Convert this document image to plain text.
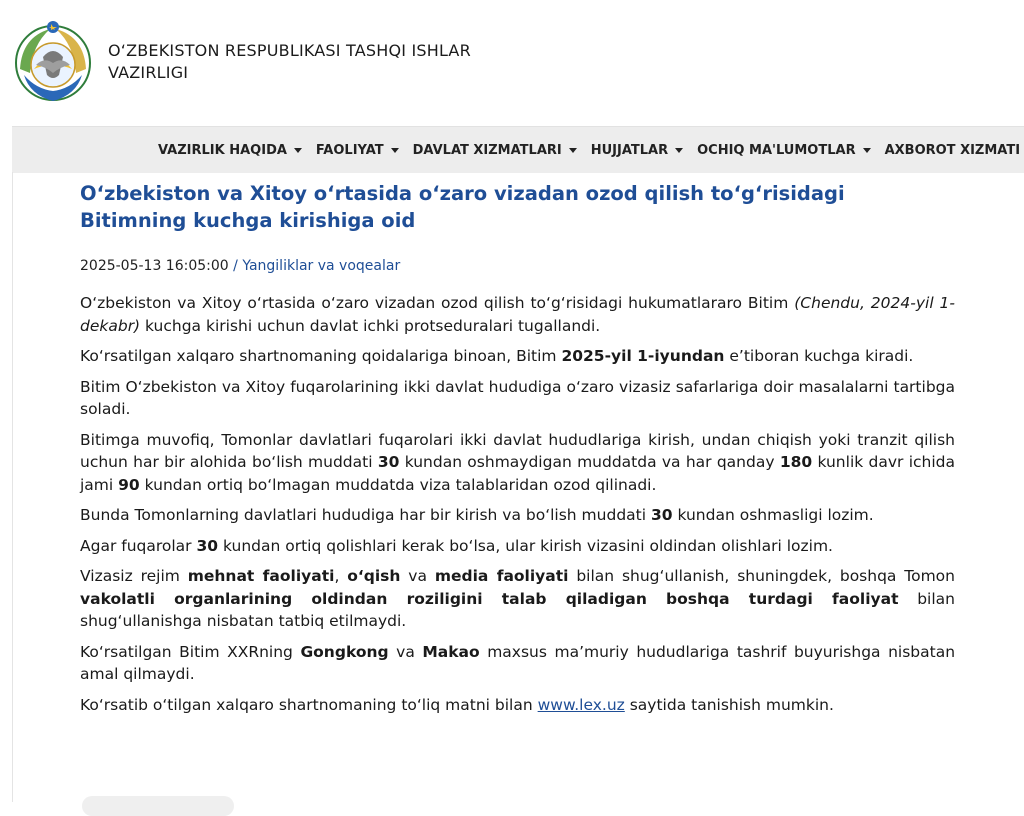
O‘ZBEKISTON RESPUBLIKASI TASHQI ISHLAR
VAZIRLIGI
VAZIRLIK HAQIDA FAOLIYAT DAVLAT XIZMATLARI HUJJATLAR OCHIQ MA'LUMOTLAR AXBOROT XIZMATI
O‘zbekiston va Xitoy o‘rtasida o‘zaro vizadan ozod qilish to‘g‘risidagi Bitimning kuchga kirishiga oid
2025-05-13 16:05:00 / Yangiliklar va voqealar

O‘zbekiston va Xitoy o‘rtasida o‘zaro vizadan ozod qilish to‘g‘risidagi hukumatlararo Bitim (Chendu, 2024-yil 1-dekabr) kuchga kirishi uchun davlat ichki protseduralari tugallandi.

Ko‘rsatilgan xalqaro shartnomaning qoidalariga binoan, Bitim 2025-yil 1-iyundan e’tiboran kuchga kiradi.

Bitim O‘zbekiston va Xitoy fuqarolarining ikki davlat hududiga o‘zaro vizasiz safarlariga doir masalalarni tartibga soladi.

Bitimga muvofiq, Tomonlar davlatlari fuqarolari ikki davlat hududlariga kirish, undan chiqish yoki tranzit qilish uchun har bir alohida bo‘lish muddati 30 kundan oshmaydigan muddatda va har qanday 180 kunlik davr ichida jami 90 kundan ortiq bo‘lmagan muddatda viza talablaridan ozod qilinadi.

Bunda Tomonlarning davlatlari hududiga har bir kirish va bo‘lish muddati 30 kundan oshmasligi lozim.

Agar fuqarolar 30 kundan ortiq qolishlari kerak bo‘lsa, ular kirish vizasini oldindan olishlari lozim.

Vizasiz rejim mehnat faoliyati, o‘qish va media faoliyati bilan shug‘ullanish, shuningdek, boshqa Tomon vakolatli organlarining oldindan roziligini talab qiladigan boshqa turdagi faoliyat bilan shug‘ullanishga nisbatan tatbiq etilmaydi.

Ko‘rsatilgan Bitim XXRning Gongkong va Makao maxsus ma’muriy hududlariga tashrif buyurishga nisbatan amal qilmaydi.

Ko‘rsatib o‘tilgan xalqaro shartnomaning to‘liq matni bilan www.lex.uz saytida tanishish mumkin.
